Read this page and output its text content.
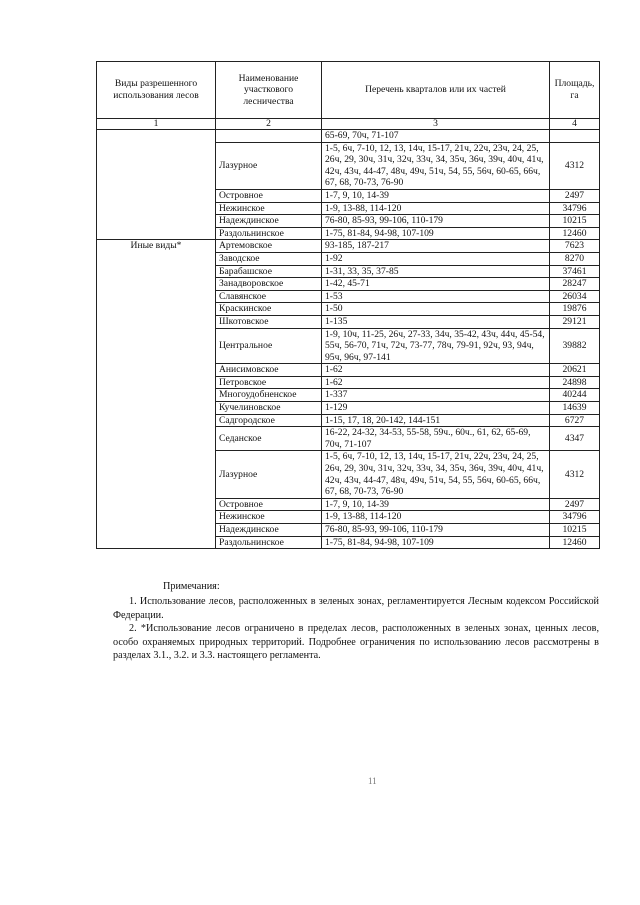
Виды разрешенного использования лесов	Наименование участкового лесничества	Перечень кварталов или их частей	Площадь, га
1	2	3	4
		65-69, 70ч, 71-107	
	Лазурное	1-5, 6ч, 7-10, 12, 13, 14ч, 15-17, 21ч, 22ч, 23ч, 24, 25, 26ч, 29, 30ч, 31ч, 32ч, 33ч, 34, 35ч, 36ч, 39ч, 40ч, 41ч, 42ч, 43ч, 44-47, 48ч, 49ч, 51ч, 54, 55, 56ч, 60-65, 66ч, 67, 68, 70-73, 76-90	4312
	Островное	1-7, 9, 10, 14-39	2497
	Нежинское	1-9, 13-88, 114-120	34796
	Надеждинское	76-80, 85-93, 99-106, 110-179	10215
	Раздольнинское	1-75, 81-84, 94-98, 107-109	12460
Иные виды*	Артемовское	93-185, 187-217	7623
	Заводское	1-92	8270
	Барабашское	1-31, 33, 35, 37-85	37461
	Занадворовское	1-42, 45-71	28247
	Славянское	1-53	26034
	Краскинское	1-50	19876
	Шкотовское	1-135	29121
	Центральное	1-9, 10ч, 11-25, 26ч, 27-33, 34ч, 35-42, 43ч, 44ч, 45-54, 55ч, 56-70, 71ч, 72ч, 73-77, 78ч, 79-91, 92ч, 93, 94ч, 95ч, 96ч, 97-141	39882
	Анисимовское	1-62	20621
	Петровское	1-62	24898
	Многоудобненское	1-337	40244
	Кучелиновское	1-129	14639
	Садгородское	1-15, 17, 18, 20-142, 144-151	6727
	Седанское	16-22, 24-32, 34-53, 55-58, 59ч., 60ч., 61, 62, 65-69, 70ч, 71-107	4347
	Лазурное	1-5, 6ч, 7-10, 12, 13, 14ч, 15-17, 21ч, 22ч, 23ч, 24, 25, 26ч, 29, 30ч, 31ч, 32ч, 33ч, 34, 35ч, 36ч, 39ч, 40ч, 41ч, 42ч, 43ч, 44-47, 48ч, 49ч, 51ч, 54, 55, 56ч, 60-65, 66ч, 67, 68, 70-73, 76-90	4312
	Островное	1-7, 9, 10, 14-39	2497
	Нежинское	1-9, 13-88, 114-120	34796
	Надеждинское	76-80, 85-93, 99-106, 110-179	10215
	Раздольнинское	1-75, 81-84, 94-98, 107-109	12460

Примечания:

1. Использование лесов, расположенных в зеленых зонах, регламентируется Лесным кодексом Российской Федерации.

2. *Использование лесов ограничено в пределах лесов, расположенных в зеленых зонах, ценных лесов, особо охраняемых природных территорий. Подробнее ограничения по использованию лесов рассмотрены в разделах 3.1., 3.2. и 3.3. настоящего регламента.

11
